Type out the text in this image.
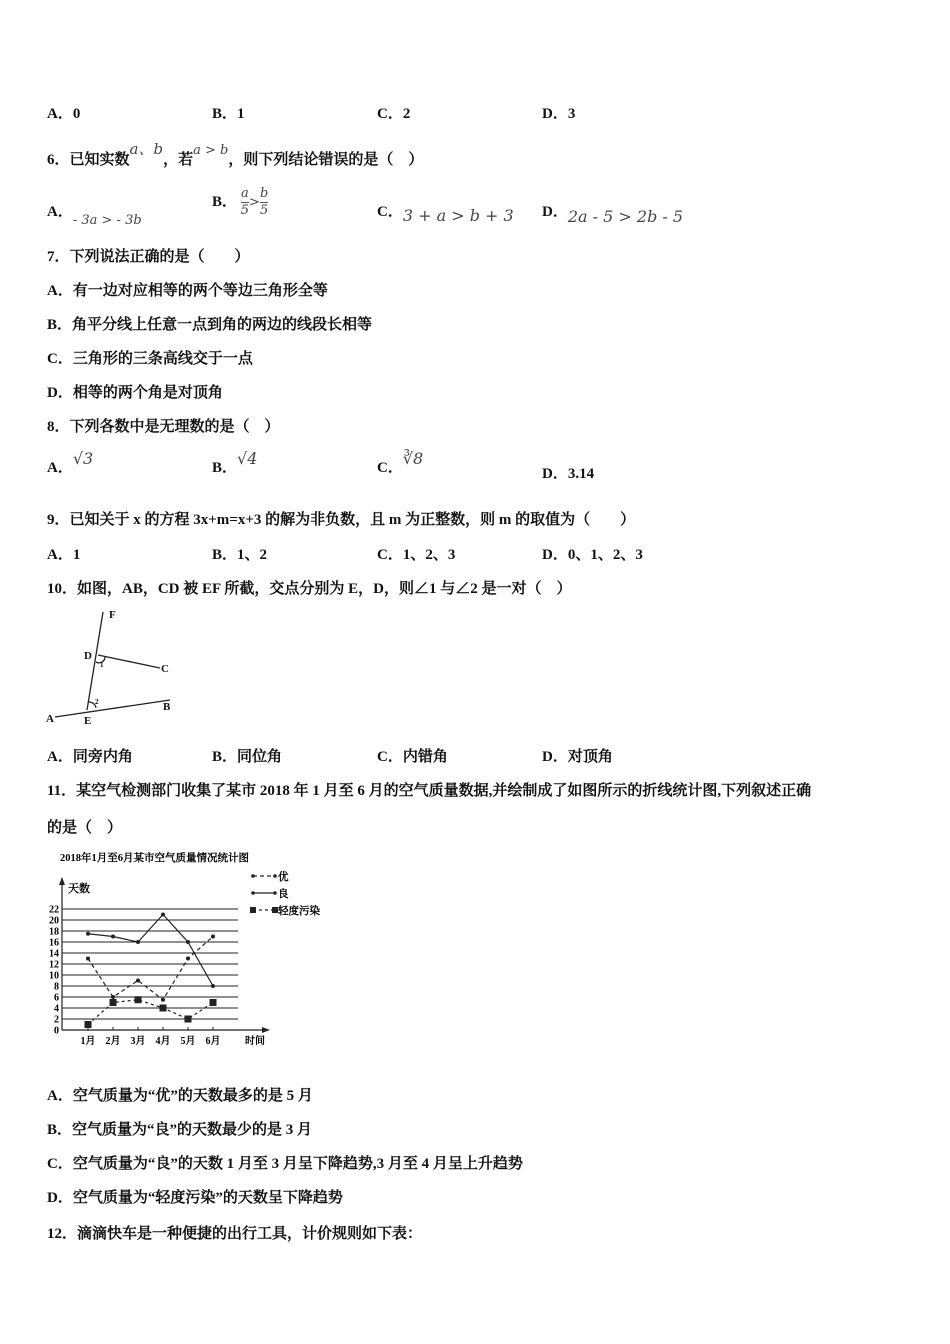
A．0	B．1	C．2	D．3
6．已知实数a、b，若a > b，则下列结论错误的是（　）
A．- 3a > - 3b
B． $\frac{a}{5} > \frac{b}{5}$	C．3 + a > b + 3 D．2a - 5 > 2b - 5
7．下列说法正确的是（　　）
A．有一边对应相等的两个等边三角形全等
B．角平分线上任意一点到角的两边的线段长相等
C．三角形的三条高线交于一点
D．相等的两个角是对顶角
8．下列各数中是无理数的是（　）
A．√3	B．√4	C．∛8
D．3.14
9．已知关于 x 的方程 3x+m=x+3 的解为非负数，且 m 为正整数，则 m 的取值为（　　）
A．1	B．1、2	C．1、2、3	D．0、1、2、3
10．如图，AB，CD 被 EF 所截，交点分别为 E，D，则∠1 与∠2 是一对（　）
F
D
C
A	E
B
1
2
A．同旁内角	B．同位角	C．内错角	D．对顶角
11．某空气检测部门收集了某市 2018 年 1 月至 6 月的空气质量数据,并绘制成了如图所示的折线统计图,下列叙述正确
的是（　）
2018年1月至6月某市空气质量情况统计图
天数
时间
0
2
4
6
8
10
12
14
16
18
20
22
1月 2月 3月 4月 5月 6月
优
良
轻度污染
A．空气质量为“优”的天数最多的是 5 月
B．空气质量为“良”的天数最少的是 3 月
C．空气质量为“良”的天数 1 月至 3 月呈下降趋势,3 月至 4 月呈上升趋势
D．空气质量为“轻度污染”的天数呈下降趋势
12．滴滴快车是一种便捷的出行工具，计价规则如下表：
